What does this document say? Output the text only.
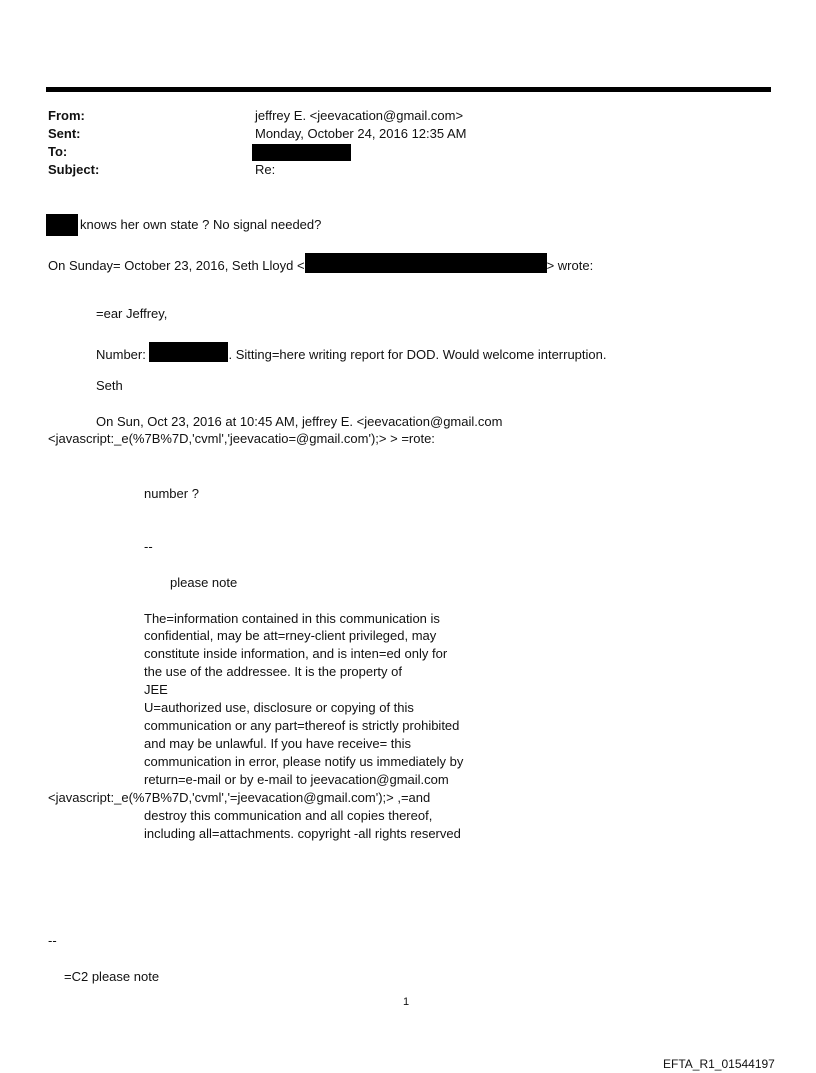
From:	jeffrey E. <jeevacation@gmail.com>
Sent:	Monday, October 24, 2016 12:35 AM
To:
Subject:	Re:
knows her own state ? No signal needed?
On Sunday= October 23, 2016, Seth Lloyd <	> wrote:
=ear Jeffrey,
Number:	. Sitting=here writing report for DOD. Would welcome interruption.
Seth
On Sun, Oct 23, 2016 at 10:45 AM, jeffrey E. <jeevacation@gmail.com
<javascript:_e(%7B%7D,'cvml','jeevacatio=@gmail.com');> > =rote:
number ?
--
please note
The=information contained in this communication is
confidential, may be att=rney-client privileged, may
constitute inside information, and is inten=ed only for
the use of the addressee. It is the property of
JEE
U=authorized use, disclosure or copying of this
communication or any part=thereof is strictly prohibited
and may be unlawful. If you have receive= this
communication in error, please notify us immediately by
return=e-mail or by e-mail to jeevacation@gmail.com
<javascript:_e(%7B%7D,'cvml','=jeevacation@gmail.com');> ,=and
destroy this communication and all copies thereof,
including all=attachments. copyright -all rights reserved
--
=C2 please note
1
EFTA_R1_01544197
